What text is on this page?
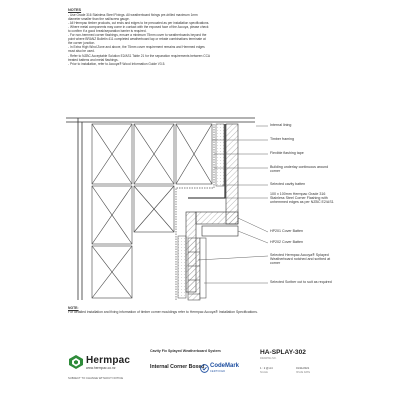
NOTES

- Use Grade 316 Stainless Steel Fixings. All weatherboard fixings pre-drilled maximum 1mm

diameter smaller than the nail/screw gauge.

- All Hermpac timber products, cut ends and edges to be precoated as per installation specifications.

- Where metal components may come in contact with the exposed face of the Accoya, please check

to confirm if a good break/separation barrier is required.

- For non-hemmed corner flashings, ensure a minimum 75mm cover to weatherboards beyond the

point where BRANZ Bulletin 411 completed weatherboard lap or rebate combinations terminate at

the corner junction.

- In Extra High Wind Zone and above, the 75mm cover requirement remains and Hemmed edges

must also be used.

- Refer to NZBC Acceptable Solution E2/AS1 Table 21 for the separation requirements between CCA

treated battens and metal flashings.

- Prior to installation, refer to Accoya® Wood Information Guide V3.5.

Internal lining
Timber framing
Flexible flashing tape
Building underlay continuous around corner
Selected cavity batten
100 x 100mm Hermpac Grade 316 Stainless Steel Corner Flashing with unhemmed edges as per NZBC E2/AS1
HP201 Cover Batten
HP202 Cover Batten
Selected Hermpac Accoya® Splayed Weatherboard notched and scribed at corner
Selected Scriber cut to suit as required
NOTE:
For detailed installation and fixing information of timber corner mouldings refer to Hermpac Accoya® Installation Specifications.
Hermpac
www.hermpac.co.nz
SUBJECT TO CHANGE WITHOUT NOTICE
Cavity Fix Splayed Weatherboard System
Internal Corner Boxed CodeMark
CERTIFIED
HA-SPLAY-302
DRAWING NO.
1 : 2 @ A4
SCALE
01/11/2021
ISSUE DATE
